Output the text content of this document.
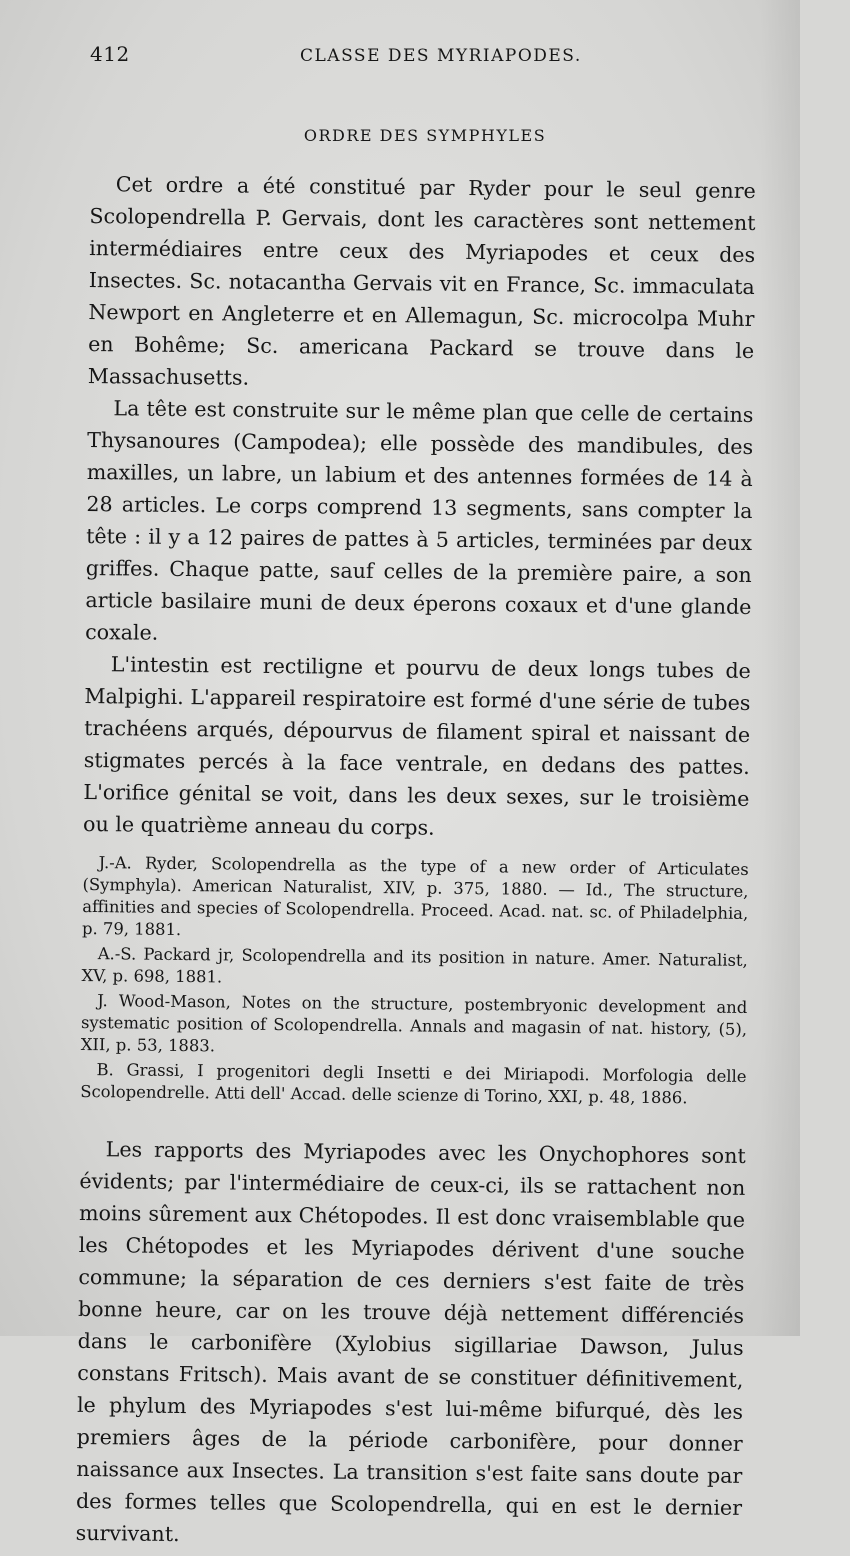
412	CLASSE DES MYRIAPODES.
ORDRE DES SYMPHYLES

Cet ordre a été constitué par Ryder pour le seul genre Scolopendrella P. Gervais, dont les caractères sont nettement intermédiaires entre ceux des Myriapodes et ceux des Insectes. Sc. notacantha Gervais vit en France, Sc. immaculata Newport en Angleterre et en Allemagun, Sc. microcolpa Muhr en Bohême; Sc. americana Packard se trouve dans le Massachusetts.

La tête est construite sur le même plan que celle de certains Thysanoures (Campodea); elle possède des mandibules, des maxilles, un labre, un labium et des antennes formées de 14 à 28 articles. Le corps comprend 13 segments, sans compter la tête : il y a 12 paires de pattes à 5 articles, terminées par deux griffes. Chaque patte, sauf celles de la première paire, a son article basilaire muni de deux éperons coxaux et d'une glande coxale.

L'intestin est rectiligne et pourvu de deux longs tubes de Malpighi. L'appareil respiratoire est formé d'une série de tubes trachéens arqués, dépourvus de filament spiral et naissant de stigmates percés à la face ventrale, en dedans des pattes. L'orifice génital se voit, dans les deux sexes, sur le troisième ou le quatrième anneau du corps.

J.-A. Ryder, Scolopendrella as the type of a new order of Articulates (Symphyla). American Naturalist, XIV, p. 375, 1880. — Id., The structure, affinities and species of Scolopendrella. Proceed. Acad. nat. sc. of Philadelphia, p. 79, 1881.

A.-S. Packard jr, Scolopendrella and its position in nature. Amer. Naturalist, XV, p. 698, 1881.

J. Wood-Mason, Notes on the structure, postembryonic development and systematic position of Scolopendrella. Annals and magasin of nat. history, (5), XII, p. 53, 1883.

B. Grassi, I progenitori degli Insetti e dei Miriapodi. Morfologia delle Scolopendrelle. Atti dell' Accad. delle scienze di Torino, XXI, p. 48, 1886.

Les rapports des Myriapodes avec les Onychophores sont évidents; par l'intermédiaire de ceux-ci, ils se rattachent non moins sûrement aux Chétopodes. Il est donc vraisemblable que les Chétopodes et les Myriapodes dérivent d'une souche commune; la séparation de ces derniers s'est faite de très bonne heure, car on les trouve déjà nettement différenciés dans le carbonifère (Xylobius sigillariae Dawson, Julus constans Fritsch). Mais avant de se constituer définitivement, le phylum des Myriapodes s'est lui-même bifurqué, dès les premiers âges de la période carbonifère, pour donner naissance aux Insectes. La transition s'est faite sans doute par des formes telles que Scolopendrella, qui en est le dernier survivant.
